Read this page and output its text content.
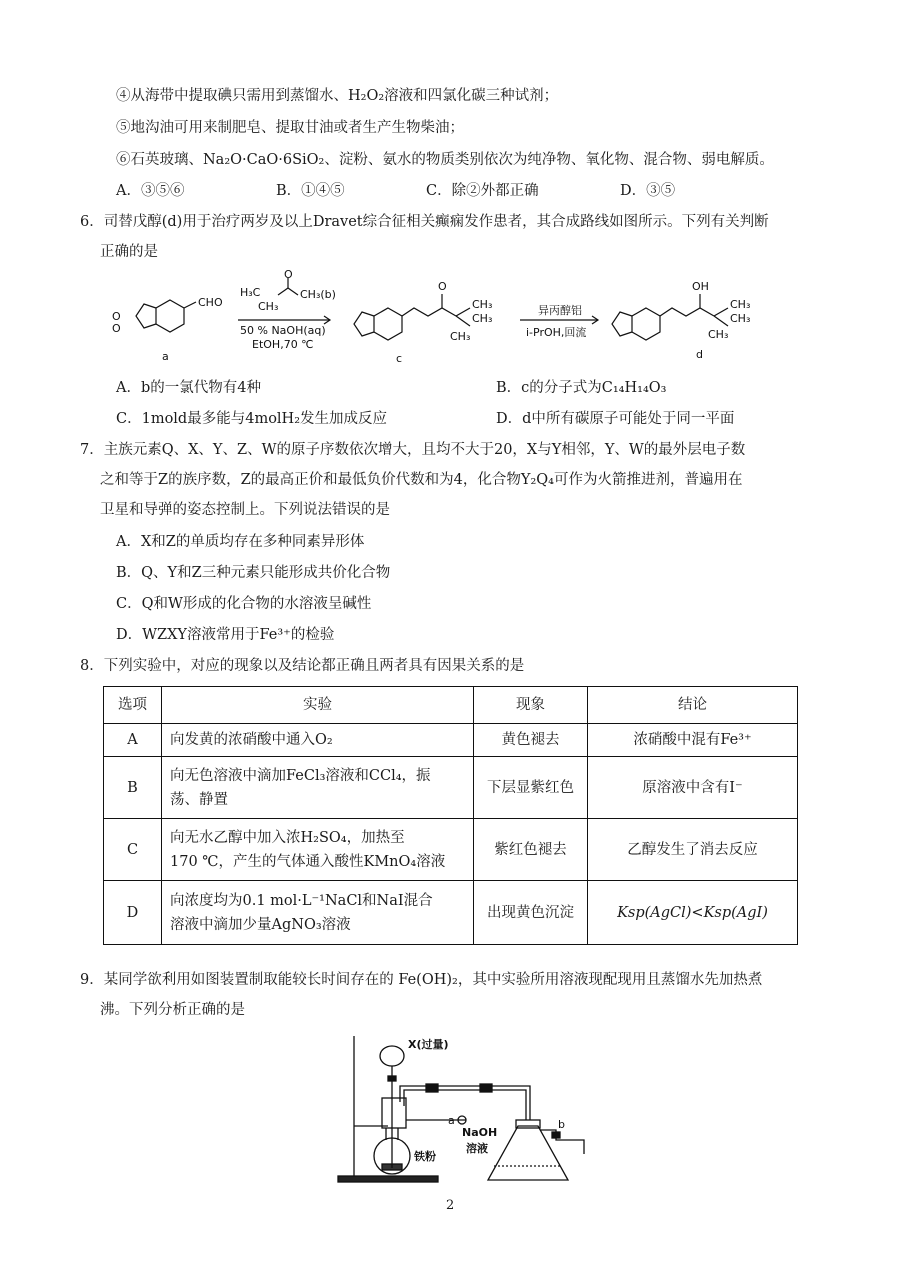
④从海带中提取碘只需用到蒸馏水、H₂O₂溶液和四氯化碳三种试剂；
⑤地沟油可用来制肥皂、提取甘油或者生产生物柴油；
⑥石英玻璃、Na₂O·CaO·6SiO₂、淀粉、氨水的物质类别依次为纯净物、氧化物、混合物、弱电解质。
A．③⑤⑥	B．①④⑤	C．除②外都正确	D．③⑤
6．司替戊醇(d)用于治疗两岁及以上Dravet综合征相关癫痫发作患者，其合成路线如图所示。下列有关判断
正确的是
O
O
CHO
a
O
H₃C	CH₃(b)
CH₃
50 % NaOH(aq)
EtOH,70 ℃
O
CH₃
CH₃
CH₃
c
异丙醇铝
i-PrOH,回流
OH
CH₃
CH₃
CH₃
d
A．b的一氯代物有4种	B．c的分子式为C₁₄H₁₄O₃
C．1mold最多能与4molH₂发生加成反应	D．d中所有碳原子可能处于同一平面
7．主族元素Q、X、Y、Z、W的原子序数依次增大，且均不大于20，X与Y相邻，Y、W的最外层电子数
之和等于Z的族序数，Z的最高正价和最低负价代数和为4，化合物Y₂Q₄可作为火箭推进剂，普遍用在
卫星和导弹的姿态控制上。下列说法错误的是
A．X和Z的单质均存在多种同素异形体
B．Q、Y和Z三种元素只能形成共价化合物
C．Q和W形成的化合物的水溶液呈碱性
D．WZXY溶液常用于Fe³⁺的检验
8．下列实验中，对应的现象以及结论都正确且两者具有因果关系的是
选项	实验	现象	结论
A	向发黄的浓硝酸中通入O₂	黄色褪去	浓硝酸中混有Fe³⁺
B	向无色溶液中滴加FeCl₃溶液和CCl₄，振
荡、静置	下层显紫红色	原溶液中含有I⁻
C	向无水乙醇中加入浓H₂SO₄，加热至
170 ℃，产生的气体通入酸性KMnO₄溶液	紫红色褪去	乙醇发生了消去反应
D	向浓度均为0.1 mol·L⁻¹NaCl和NaI混合
溶液中滴加少量AgNO₃溶液	出现黄色沉淀	Ksp(AgCl)<Ksp(AgI)
9．某同学欲利用如图装置制取能较长时间存在的 Fe(OH)₂，其中实验所用溶液现配现用且蒸馏水先加热煮
沸。下列分析正确的是
X(过量)
a	b
NaOH
溶液
铁粉
2
